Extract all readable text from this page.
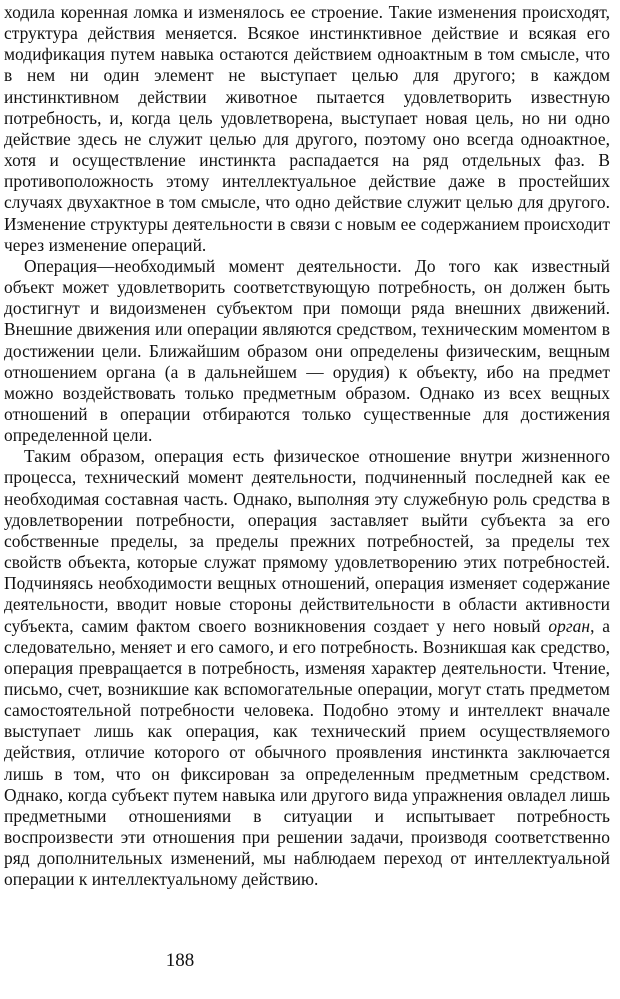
ходила коренная ломка и изменялось ее строение. Такие изменения происходят, структура действия меняется. Всякое инстинктивное действие и всякая его модификация путем навыка остаются действием одноактным в том смысле, что в нем ни один элемент не выступает целью для другого; в каждом инстинктивном действии животное пытается удовлетворить известную потребность, и, когда цель удовлетворена, выступает новая цель, но ни одно действие здесь не служит целью для другого, поэтому оно всегда одноактное, хотя и осуществление инстинкта распадается на ряд отдельных фаз. В противоположность этому интеллектуальное действие даже в простейших случаях двухактное в том смысле, что одно действие служит целью для другого. Изменение структуры деятельности в связи с новым ее содержанием происходит через изменение операций.

Операция—необходимый момент деятельности. До того как известный объект может удовлетворить соответствующую потребность, он должен быть достигнут и видоизменен субъектом при помощи ряда внешних движений. Внешние движения или операции являются средством, техническим моментом в достижении цели. Ближайшим образом они определены физическим, вещным отношением органа (а в дальнейшем — орудия) к объекту, ибо на предмет можно воздействовать только предметным образом. Однако из всех вещных отношений в операции отбираются только существенные для достижения определенной цели.

Таким образом, операция есть физическое отношение внутри жизненного процесса, технический момент деятельности, подчиненный последней как ее необходимая составная часть. Однако, выполняя эту служебную роль средства в удовлетворении потребности, операция заставляет выйти субъекта за его собственные пределы, за пределы прежних потребностей, за пределы тех свойств объекта, которые служат прямому удовлетворению этих потребностей. Подчиняясь необходимости вещных отношений, операция изменяет содержание деятельности, вводит новые стороны действительности в области активности субъекта, самим фактом своего возникновения создает у него новый орган, а следовательно, меняет и его самого, и его потребность. Возникшая как средство, операция превращается в потребность, изменяя характер деятельности. Чтение, письмо, счет, возникшие как вспомогательные операции, могут стать предметом самостоятельной потребности человека. Подобно этому и интеллект вначале выступает лишь как операция, как технический прием осуществляемого действия, отличие которого от обычного проявления инстинкта заключается лишь в том, что он фиксирован за определенным предметным средством. Однако, когда субъект путем навыка или другого вида упражнения овладел лишь предметными отношениями в ситуации и испытывает потребность воспроизвести эти отношения при решении задачи, производя соответственно ряд дополнительных изменений, мы наблюдаем переход от интеллектуальной операции к интеллектуальному действию.

188
